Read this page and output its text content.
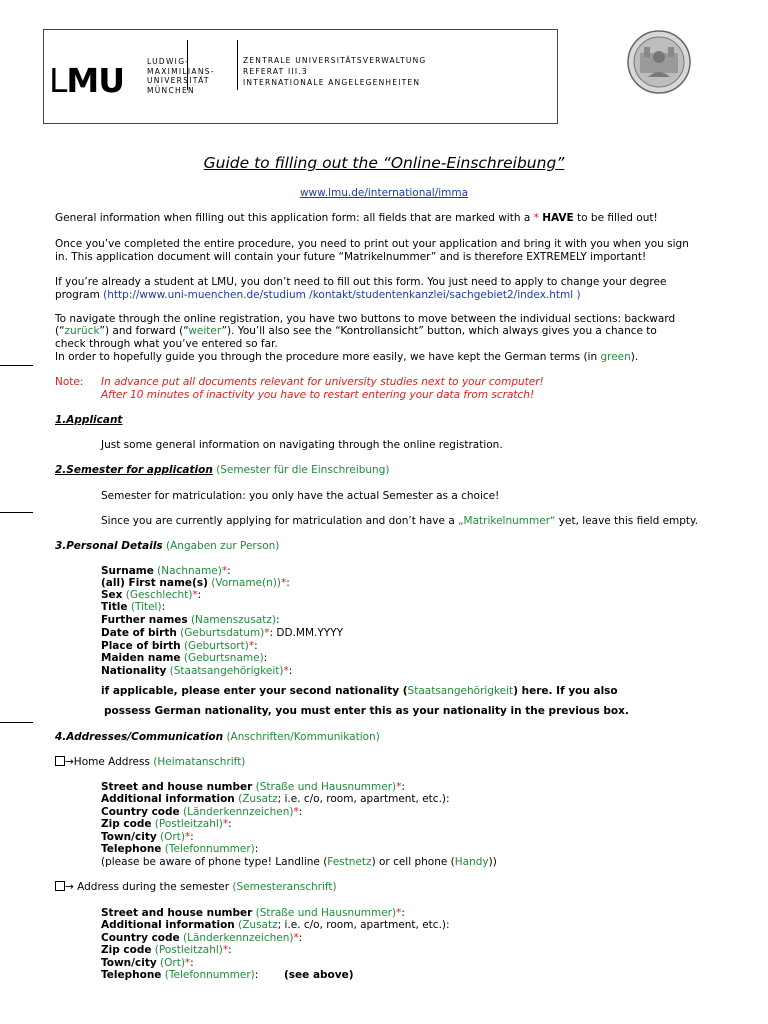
LMU	LUDWIG-
MAXIMILIANS-
UNIVERSITÄT
MÜNCHEN
ZENTRALE UNIVERSITÄTSVERWALTUNG
REFERAT III.3
INTERNATIONALE ANGELEGENHEITEN
Guide to filling out the “Online-Einschreibung”
www.lmu.de/international/imma
General information when filling out this application form: all fields that are marked with a * HAVE to be filled out!
Once you’ve completed the entire procedure, you need to print out your application and bring it with you when you sign
in. This application document will contain your future “Matrikelnummer” and is therefore EXTREMELY important!
If you’re already a student at LMU, you don’t need to fill out this form. You just need to apply to change your degree
program (http://www.uni-muenchen.de/studium /kontakt/studentenkanzlei/sachgebiet2/index.html )
To navigate through the online registration, you have two buttons to move between the individual sections: backward
(“zurück”) and forward (“weiter”). You’ll also see the “Kontrollansicht” button, which always gives you a chance to
check through what you’ve entered so far.
In order to hopefully guide you through the procedure more easily, we have kept the German terms (in green).
Note: In advance put all documents relevant for university studies next to your computer!
After 10 minutes of inactivity you have to restart entering your data from scratch!
1.Applicant
Just some general information on navigating through the online registration.
2.Semester for application (Semester für die Einschreibung)
Semester for matriculation: you only have the actual Semester as a choice!
Since you are currently applying for matriculation and don’t have a „Matrikelnummer“ yet, leave this field empty.
3.Personal Details (Angaben zur Person)
Surname (Nachname)*:
(all) First name(s) (Vorname(n))*:
Sex (Geschlecht)*:
Title (Titel):
Further names (Namenszusatz):
Date of birth (Geburtsdatum)*: DD.MM.YYYY
Place of birth (Geburtsort)*:
Maiden name (Geburtsname):
Nationality (Staatsangehörigkeit)*:
if applicable, please enter your second nationality (Staatsangehörigkeit) here. If you also
possess German nationality, you must enter this as your nationality in the previous box.
4.Addresses/Communication (Anschriften/Kommunikation)
→Home Address (Heimatanschrift)
Street and house number (Straße und Hausnummer)*:
Additional information (Zusatz; i.e. c/o, room, apartment, etc.):
Country code (Länderkennzeichen)*:
Zip code (Postleitzahl)*:
Town/city (Ort)*:
Telephone (Telefonnummer):
(please be aware of phone type! Landline (Festnetz) or cell phone (Handy))
→ Address during the semester (Semesteranschrift)
Street and house number (Straße und Hausnummer)*:
Additional information (Zusatz; i.e. c/o, room, apartment, etc.):
Country code (Länderkennzeichen)*:
Zip code (Postleitzahl)*:
Town/city (Ort)*:
Telephone (Telefonnummer): (see above)
